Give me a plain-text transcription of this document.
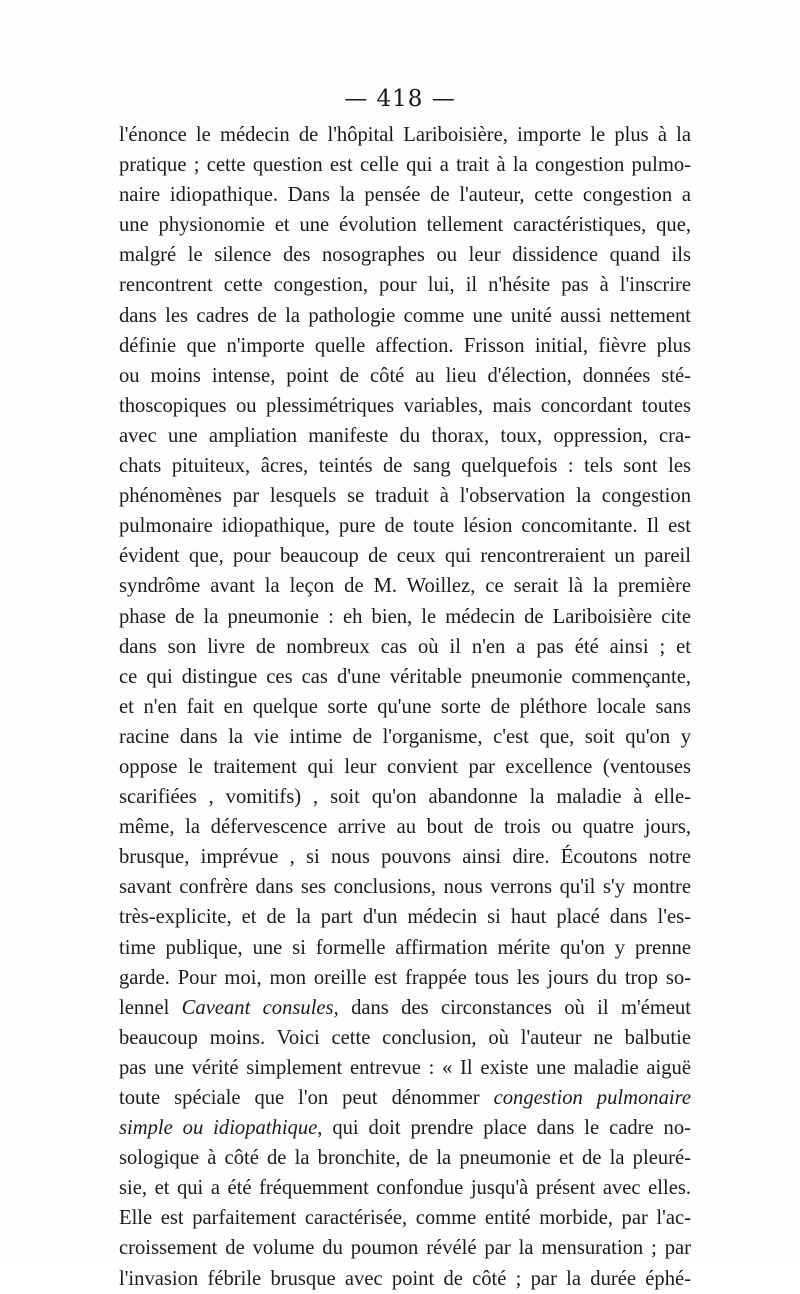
— 418 —
l'énonce le médecin de l'hôpital Lariboisière, importe le plus à la
pratique ; cette question est celle qui a trait à la congestion pulmo-
naire idiopathique. Dans la pensée de l'auteur, cette congestion a
une physionomie et une évolution tellement caractéristiques, que,
malgré le silence des nosographes ou leur dissidence quand ils
rencontrent cette congestion, pour lui, il n'hésite pas à l'inscrire
dans les cadres de la pathologie comme une unité aussi nettement
définie que n'importe quelle affection. Frisson initial, fièvre plus
ou moins intense, point de côté au lieu d'élection, données sté-
thoscopiques ou plessimétriques variables, mais concordant toutes
avec une ampliation manifeste du thorax, toux, oppression, cra-
chats pituiteux, âcres, teintés de sang quelquefois : tels sont les
phénomènes par lesquels se traduit à l'observation la congestion
pulmonaire idiopathique, pure de toute lésion concomitante. Il est
évident que, pour beaucoup de ceux qui rencontreraient un pareil
syndrôme avant la leçon de M. Woillez, ce serait là la première
phase de la pneumonie : eh bien, le médecin de Lariboisière cite
dans son livre de nombreux cas où il n'en a pas été ainsi ; et
ce qui distingue ces cas d'une véritable pneumonie commençante,
et n'en fait en quelque sorte qu'une sorte de pléthore locale sans
racine dans la vie intime de l'organisme, c'est que, soit qu'on y
oppose le traitement qui leur convient par excellence (ventouses
scarifiées , vomitifs) , soit qu'on abandonne la maladie à elle-
même, la défervescence arrive au bout de trois ou quatre jours,
brusque, imprévue , si nous pouvons ainsi dire. Écoutons notre
savant confrère dans ses conclusions, nous verrons qu'il s'y montre
très-explicite, et de la part d'un médecin si haut placé dans l'es-
time publique, une si formelle affirmation mérite qu'on y prenne
garde. Pour moi, mon oreille est frappée tous les jours du trop so-
lennel Caveant consules, dans des circonstances où il m'émeut
beaucoup moins. Voici cette conclusion, où l'auteur ne balbutie
pas une vérité simplement entrevue : « Il existe une maladie aiguë
toute spéciale que l'on peut dénommer congestion pulmonaire
simple ou idiopathique, qui doit prendre place dans le cadre no-
sologique à côté de la bronchite, de la pneumonie et de la pleuré-
sie, et qui a été fréquemment confondue jusqu'à présent avec elles.
Elle est parfaitement caractérisée, comme entité morbide, par l'ac-
croissement de volume du poumon révélé par la mensuration ; par
l'invasion fébrile brusque avec point de côté ; par la durée éphé-
